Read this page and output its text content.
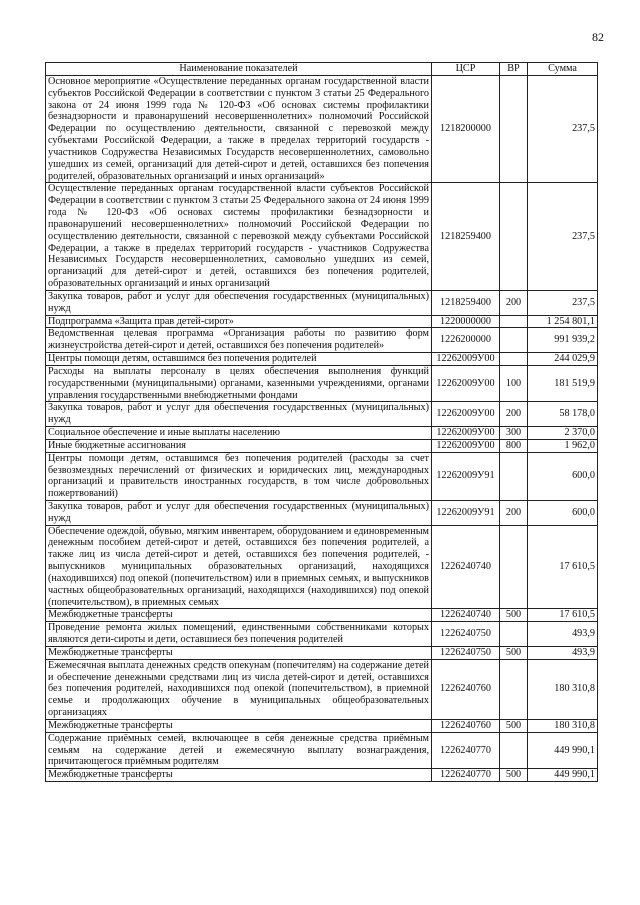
82
Наименование показателей	ЦСР	ВР	Сумма
Основное мероприятие «Осуществление переданных органам государственной власти субъектов Российской Федерации в соответствии с пунктом 3 статьи 25 Федерального закона от 24 июня 1999 года № 120-ФЗ «Об основах системы профилактики безнадзорности и правонарушений несовершеннолетних» полномочий Российской Федерации по осуществлению деятельности, связанной с перевозкой между субъектами Российской Федерации, а также в пределах территорий государств - участников Содружества Независимых Государств несовершеннолетних, самовольно ушедших из семей, организаций для детей-сирот и детей, оставшихся без попечения родителей, образовательных организаций и иных организаций»	1218200000		237,5
Осуществление переданных органам государственной власти субъектов Российской Федерации в соответствии с пунктом 3 статьи 25 Федерального закона от 24 июня 1999 года № 120-ФЗ «Об основах системы профилактики безнадзорности и правонарушений несовершеннолетних» полномочий Российской Федерации по осуществлению деятельности, связанной с перевозкой между субъектами Российской Федерации, а также в пределах территорий государств - участников Содружества Независимых Государств несовершеннолетних, самовольно ушедших из семей, организаций для детей-сирот и детей, оставшихся без попечения родителей, образовательных организаций и иных организаций	1218259400		237,5
Закупка товаров, работ и услуг для обеспечения государственных (муниципальных) нужд	1218259400	200	237,5
Подпрограмма «Защита прав детей-сирот»	1220000000		1 254 801,1
Ведомственная целевая программа «Организация работы по развитию форм жизнеустройства детей-сирот и детей, оставшихся без попечения родителей»	1226200000		991 939,2
Центры помощи детям, оставшимся без попечения родителей	12262009У00		244 029,9
Расходы на выплаты персоналу в целях обеспечения выполнения функций государственными (муниципальными) органами, казенными учреждениями, органами управления государственными внебюджетными фондами	12262009У00	100	181 519,9
Закупка товаров, работ и услуг для обеспечения государственных (муниципальных) нужд	12262009У00	200	58 178,0
Социальное обеспечение и иные выплаты населению	12262009У00	300	2 370,0
Иные бюджетные ассигнования	12262009У00	800	1 962,0
Центры помощи детям, оставшимся без попечения родителей (расходы за счет безвозмездных перечислений от физических и юридических лиц, международных организаций и правительств иностранных государств, в том числе добровольных пожертвований)	12262009У91		600,0
Закупка товаров, работ и услуг для обеспечения государственных (муниципальных) нужд	12262009У91	200	600,0
Обеспечение одеждой, обувью, мягким инвентарем, оборудованием и единовременным денежным пособием детей-сирот и детей, оставшихся без попечения родителей, а также лиц из числа детей-сирот и детей, оставшихся без попечения родителей, - выпускников муниципальных образовательных организаций, находящихся (находившихся) под опекой (попечительством) или в приемных семьях, и выпускников частных общеобразовательных организаций, находящихся (находившихся) под опекой (попечительством), в приемных семьях	1226240740		17 610,5
Межбюджетные трансферты	1226240740	500	17 610,5
Проведение ремонта жилых помещений, единственными собственниками которых являются дети-сироты и дети, оставшиеся без попечения родителей	1226240750		493,9
Межбюджетные трансферты	1226240750	500	493,9
Ежемесячная выплата денежных средств опекунам (попечителям) на содержание детей и обеспечение денежными средствами лиц из числа детей-сирот и детей, оставшихся без попечения родителей, находившихся под опекой (попечительством), в приемной семье и продолжающих обучение в муниципальных общеобразовательных организациях	1226240760		180 310,8
Межбюджетные трансферты	1226240760	500	180 310,8
Содержание приёмных семей, включающее в себя денежные средства приёмным семьям на содержание детей и ежемесячную выплату вознаграждения, причитающегося приёмным родителям	1226240770		449 990,1
Межбюджетные трансферты	1226240770	500	449 990,1
